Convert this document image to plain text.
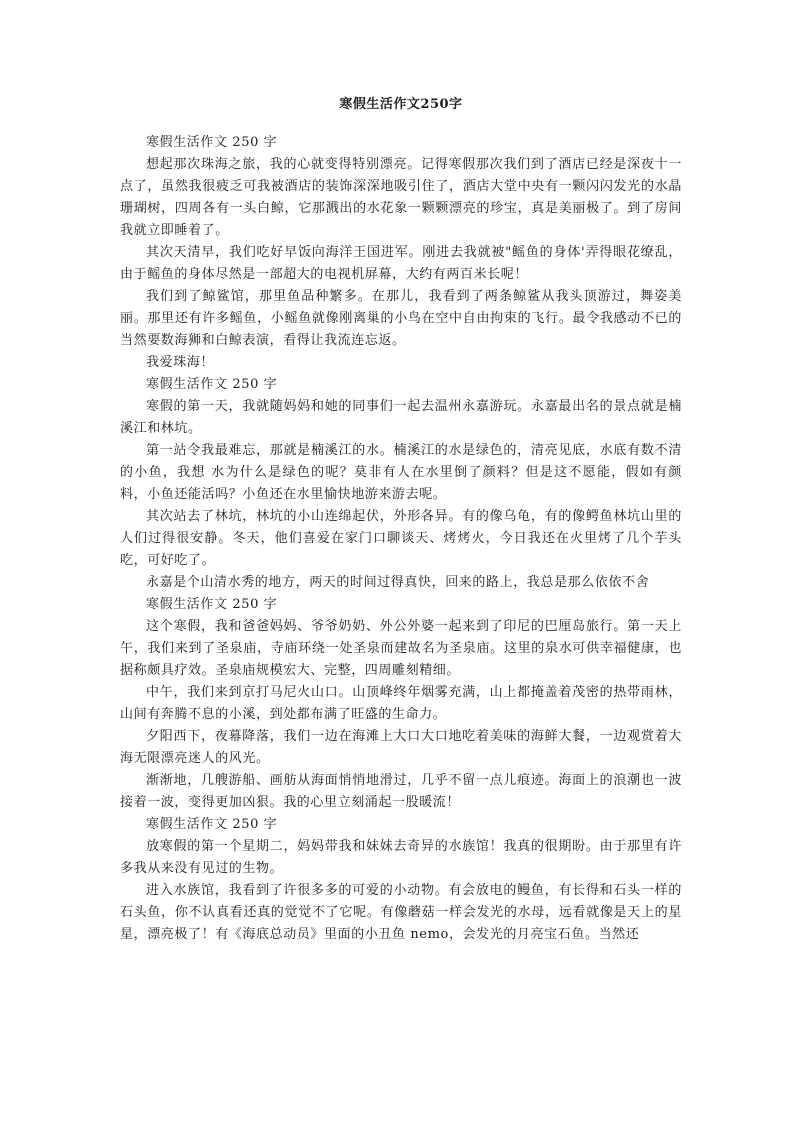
寒假生活作文250字

寒假生活作文 250 字

想起那次珠海之旅，我的心就变得特别漂亮。记得寒假那次我们到了酒店已经是深夜十一点了，虽然我很疲乏可我被酒店的装饰深深地吸引住了，酒店大堂中央有一颗闪闪发光的水晶珊瑚树，四周各有一头白鲸，它那溅出的水花象一颗颗漂亮的珍宝，真是美丽极了。到了房间我就立即睡着了。

其次天清早，我们吃好早饭向海洋王国进军。刚进去我就被"鳐鱼的身体'弄得眼花缭乱，由于鳐鱼的身体尽然是一部超大的电视机屏幕，大约有两百米长呢！

我们到了鲸鲨馆，那里鱼品种繁多。在那儿，我看到了两条鲸鲨从我头顶游过，舞姿美丽。那里还有许多鳐鱼，小鳐鱼就像刚离巢的小鸟在空中自由拘束的飞行。最令我感动不已的当然要数海狮和白鲸表演，看得让我流连忘返。

我爱珠海！

寒假生活作文 250 字

寒假的第一天，我就随妈妈和她的同事们一起去温州永嘉游玩。永嘉最出名的景点就是楠溪江和林坑。

第一站令我最难忘，那就是楠溪江的水。楠溪江的水是绿色的，清亮见底，水底有数不清的小鱼，我想 水为什么是绿色的呢？莫非有人在水里倒了颜料？但是这不愿能，假如有颜料，小鱼还能活吗？小鱼还在水里愉快地游来游去呢。

其次站去了林坑，林坑的小山连绵起伏，外形各异。有的像乌龟，有的像鳄鱼林坑山里的人们过得很安静。冬天，他们喜爱在家门口聊谈天、烤烤火，今日我还在火里烤了几个芋头吃，可好吃了。

永嘉是个山清水秀的地方，两天的时间过得真快，回来的路上，我总是那么依依不舍

寒假生活作文 250 字

这个寒假，我和爸爸妈妈、爷爷奶奶、外公外婆一起来到了印尼的巴厘岛旅行。第一天上午，我们来到了圣泉庙，寺庙环绕一处圣泉而建故名为圣泉庙。这里的泉水可供幸福健康，也据称颇具疗效。圣泉庙规模宏大、完整，四周雕刻精细。

中午，我们来到京打马尼火山口。山顶峰终年烟雾充满，山上都掩盖着茂密的热带雨林，山间有奔腾不息的小溪，到处都布满了旺盛的生命力。

夕阳西下，夜幕降落，我们一边在海滩上大口大口地吃着美味的海鲜大餐，一边观赏着大海无限漂亮迷人的风光。

渐渐地，几艘游船、画舫从海面悄悄地滑过，几乎不留一点儿痕迹。海面上的浪潮也一波接着一波，变得更加凶狠。我的心里立刻涌起一股暖流！

寒假生活作文 250 字

放寒假的第一个星期二，妈妈带我和妹妹去奇异的水族馆！我真的很期盼。由于那里有许多我从来没有见过的生物。

进入水族馆，我看到了许很多多的可爱的小动物。有会放电的鳗鱼，有长得和石头一样的石头鱼，你不认真看还真的觉觉不了它呢。有像蘑菇一样会发光的水母，远看就像是天上的星星，漂亮极了！有《海底总动员》里面的小丑鱼 nemo，会发光的月亮宝石鱼。当然还
